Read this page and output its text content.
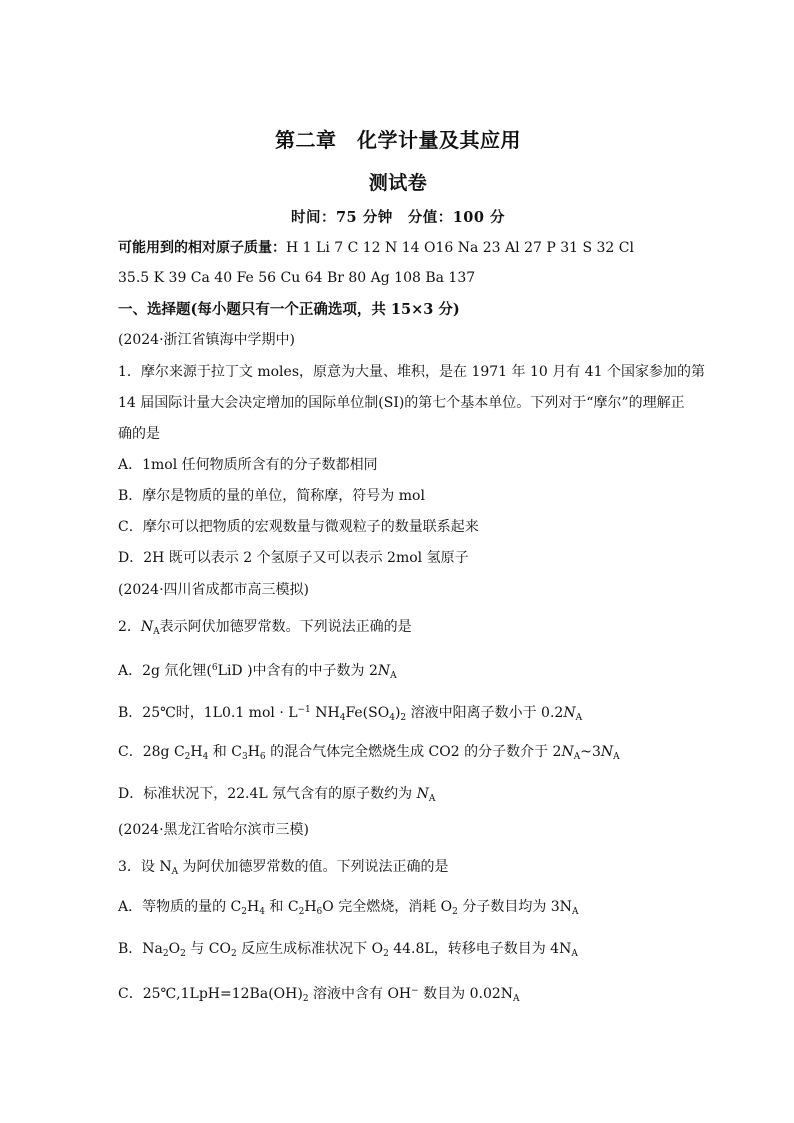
第二章　化学计量及其应用
测试卷
时间：75 分钟　分值：100 分
可能用到的相对原子质量：H 1 Li 7 C 12 N 14 O16 Na 23 Al 27 P 31 S 32 Cl
35.5 K 39 Ca 40 Fe 56 Cu 64 Br 80 Ag 108 Ba 137
一、选择题(每小题只有一个正确选项，共 15×3 分)
(2024·浙江省镇海中学期中)
1．摩尔来源于拉丁文 moles，原意为大量、堆积，是在 1971 年 10 月有 41 个国家参加的第
14 届国际计量大会决定增加的国际单位制(SI)的第七个基本单位。下列对于“摩尔”的理解正
确的是
A．1mol 任何物质所含有的分子数都相同
B．摩尔是物质的量的单位，简称摩，符号为 mol
C．摩尔可以把物质的宏观数量与微观粒子的数量联系起来
D．2H 既可以表示 2 个氢原子又可以表示 2mol 氢原子
(2024·四川省成都市高三模拟)
2．$N_A$表示阿伏加德罗常数。下列说法正确的是
A．2g 氘化锂($^6$LiD )中含有的中子数为 $2N_A$
B．25℃时，1L0.1 mol · $L^{-1}$ $NH_4Fe(SO_4)_2$ 溶液中阳离子数小于 $0.2N_A$
C．28g $C_2H_4$ 和 $C_3H_6$ 的混合气体完全燃烧生成 CO2 的分子数介于 $2N_A\sim 3N_A$
D．标准状况下，22.4L 氖气含有的原子数约为 $N_A$
(2024·黑龙江省哈尔滨市三模)
3．设 $N_A$ 为阿伏加德罗常数的值。下列说法正确的是
A．等物质的量的 $C_2H_4$ 和 $C_2H_6O$ 完全燃烧，消耗 $O_2$ 分子数目均为 $3N_A$
B．$Na_2O_2$ 与 $CO_2$ 反应生成标准状况下 $O_2$ 44.8L，转移电子数目为 $4N_A$
C．$25℃,1LpH=12Ba(OH)_2$ 溶液中含有 OH− 数目为 $0.02N_A$
